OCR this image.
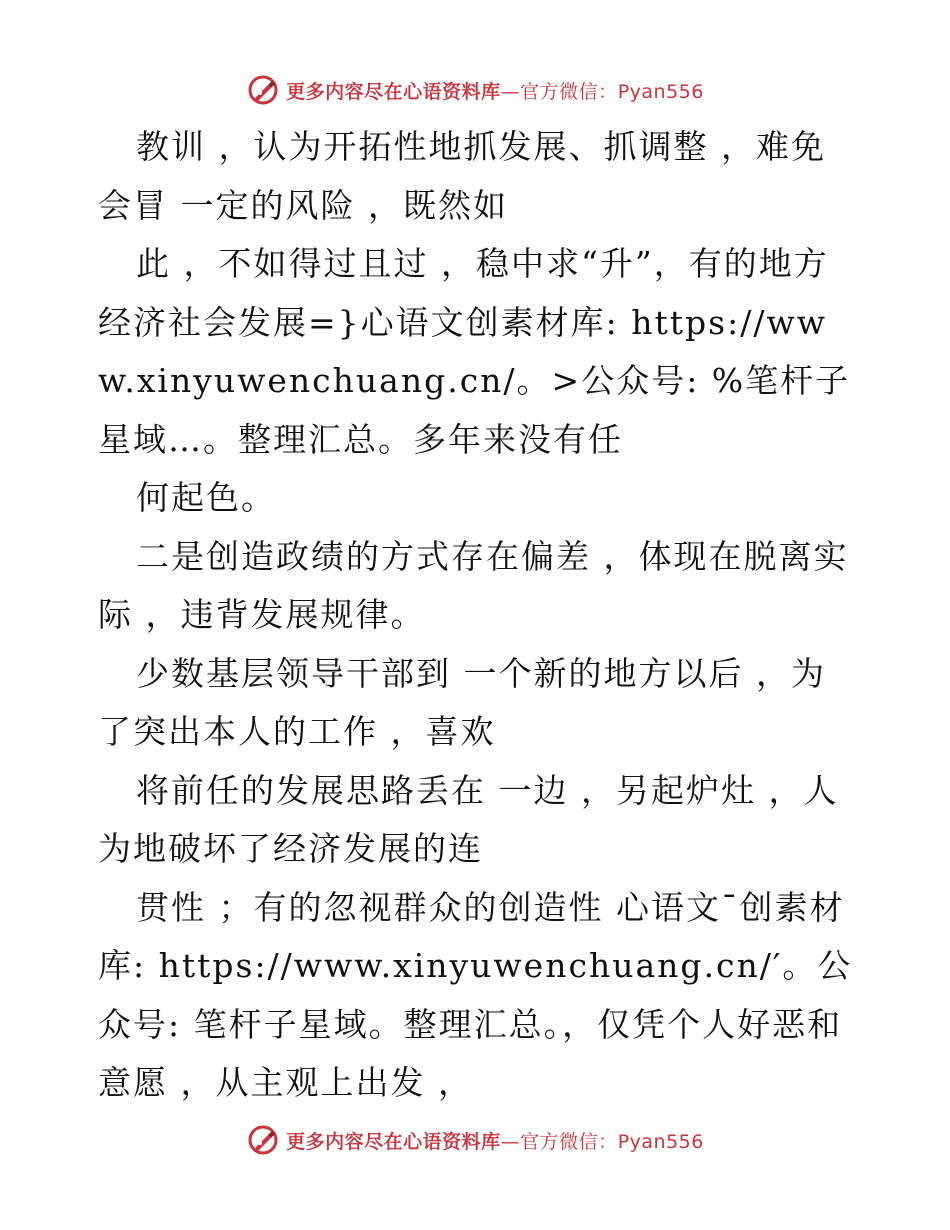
更多内容尽在心语资料库—官方微信：Pyan556

教训 ，认为开拓性地抓发展、抓调整 ，难免会冒 一定的风险 ，既然如

此 ，不如得过且过 ，稳中求“升”，有的地方经济社会发展=}心语文创素材库: https://www.xinyuwenchuang.cn/。>公众号: %笔杆子星域…。整理汇总。多年来没有任

何起色。

二是创造政绩的方式存在偏差 ，体现在脱离实际 ，违背发展规律。

少数基层领导干部到 一个新的地方以后 ，为了突出本人的工作 ，喜欢

将前任的发展思路丢在 一边 ，另起炉灶 ，人为地破坏了经济发展的连

贯性 ；有的忽视群众的创造性 心语文¯创素材库: https://www.xinyuwenchuang.cn/′。公众号: 笔杆子星域。整理汇总。，仅凭个人好恶和意愿 ，从主观上出发 ，

更多内容尽在心语资料库—官方微信：Pyan556
